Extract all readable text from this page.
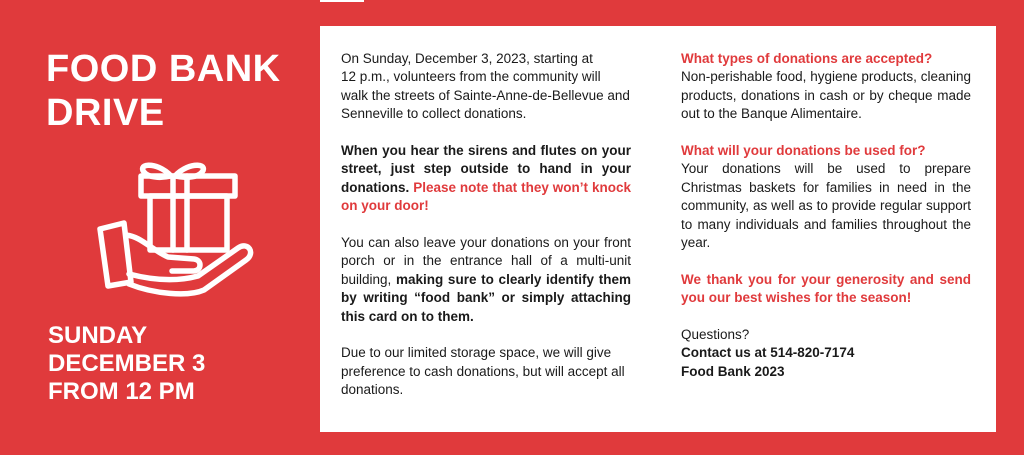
FOOD BANK
DRIVE
SUNDAY
DECEMBER 3
FROM 12 PM

On Sunday, December 3, 2023, starting at
12 p.m., volunteers from the community will walk the streets of Sainte-Anne-de-Bellevue and Senneville to collect donations.

When you hear the sirens and flutes on your street, just step outside to hand in your donations. Please note that they won’t knock on your door!

You can also leave your donations on your front porch or in the entrance hall of a multi-unit building, making sure to clearly identify them by writing “food bank” or simply attaching this card on to them.

Due to our limited storage space, we will give preference to cash donations, but will accept all donations.

What types of donations are accepted?
Non-perishable food, hygiene products, cleaning products, donations in cash or by cheque made out to the Banque Alimentaire.

What will your donations be used for?
Your donations will be used to prepare Christmas baskets for families in need in the community, as well as to provide regular support to many individuals and families throughout the year.

We thank you for your generosity and send you our best wishes for the season!

Questions?
Contact us at 514-820-7174
Food Bank 2023
